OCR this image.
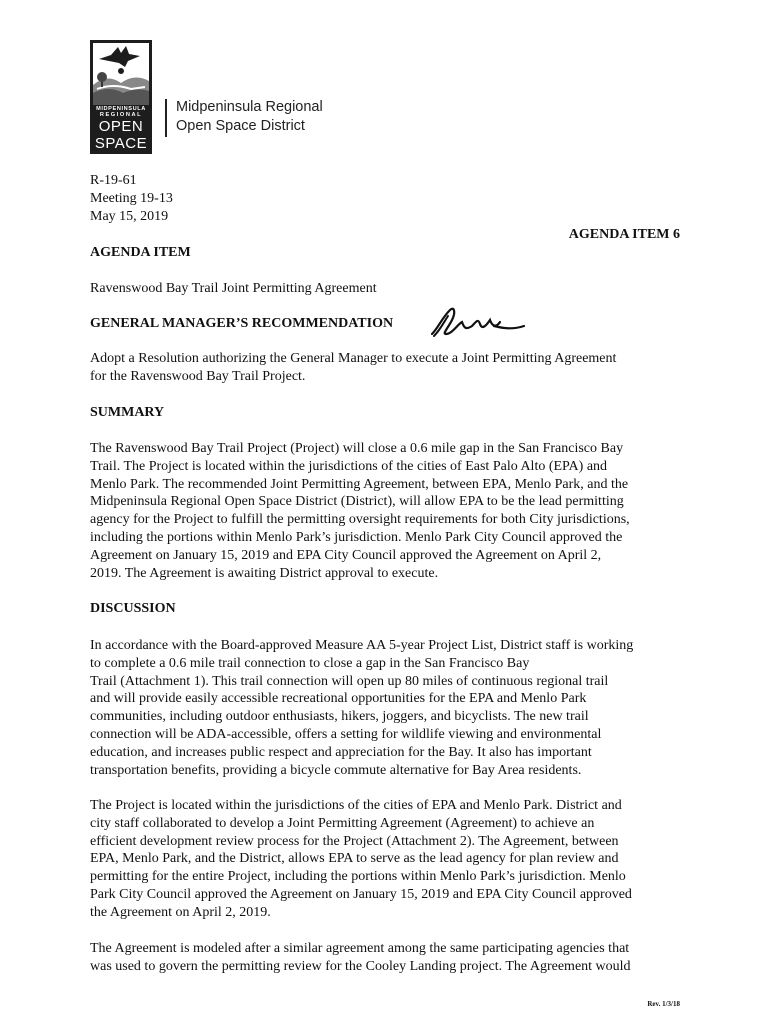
MIDPENINSULA
REGIONAL
OPEN
SPACE
Midpeninsula Regional
Open Space District
R-19-61
Meeting 19-13
May 15, 2019
AGENDA ITEM 6
AGENDA ITEM
Ravenswood Bay Trail Joint Permitting Agreement
GENERAL MANAGER’S RECOMMENDATION
Adopt a Resolution authorizing the General Manager to execute a Joint Permitting Agreement
for the Ravenswood Bay Trail Project.
SUMMARY
The Ravenswood Bay Trail Project (Project) will close a 0.6 mile gap in the San Francisco Bay
Trail. The Project is located within the jurisdictions of the cities of East Palo Alto (EPA) and
Menlo Park. The recommended Joint Permitting Agreement, between EPA, Menlo Park, and the
Midpeninsula Regional Open Space District (District), will allow EPA to be the lead permitting
agency for the Project to fulfill the permitting oversight requirements for both City jurisdictions,
including the portions within Menlo Park’s jurisdiction. Menlo Park City Council approved the
Agreement on January 15, 2019 and EPA City Council approved the Agreement on April 2,
2019. The Agreement is awaiting District approval to execute.
DISCUSSION
In accordance with the Board-approved Measure AA 5-year Project List, District staff is working
to complete a 0.6 mile trail connection to close a gap in the San Francisco Bay
Trail (Attachment 1). This trail connection will open up 80 miles of continuous regional trail
and will provide easily accessible recreational opportunities for the EPA and Menlo Park
communities, including outdoor enthusiasts, hikers, joggers, and bicyclists. The new trail
connection will be ADA-accessible, offers a setting for wildlife viewing and environmental
education, and increases public respect and appreciation for the Bay. It also has important
transportation benefits, providing a bicycle commute alternative for Bay Area residents.
The Project is located within the jurisdictions of the cities of EPA and Menlo Park. District and
city staff collaborated to develop a Joint Permitting Agreement (Agreement) to achieve an
efficient development review process for the Project (Attachment 2). The Agreement, between
EPA, Menlo Park, and the District, allows EPA to serve as the lead agency for plan review and
permitting for the entire Project, including the portions within Menlo Park’s jurisdiction. Menlo
Park City Council approved the Agreement on January 15, 2019 and EPA City Council approved
the Agreement on April 2, 2019.
The Agreement is modeled after a similar agreement among the same participating agencies that
was used to govern the permitting review for the Cooley Landing project. The Agreement would
Rev. 1/3/18
